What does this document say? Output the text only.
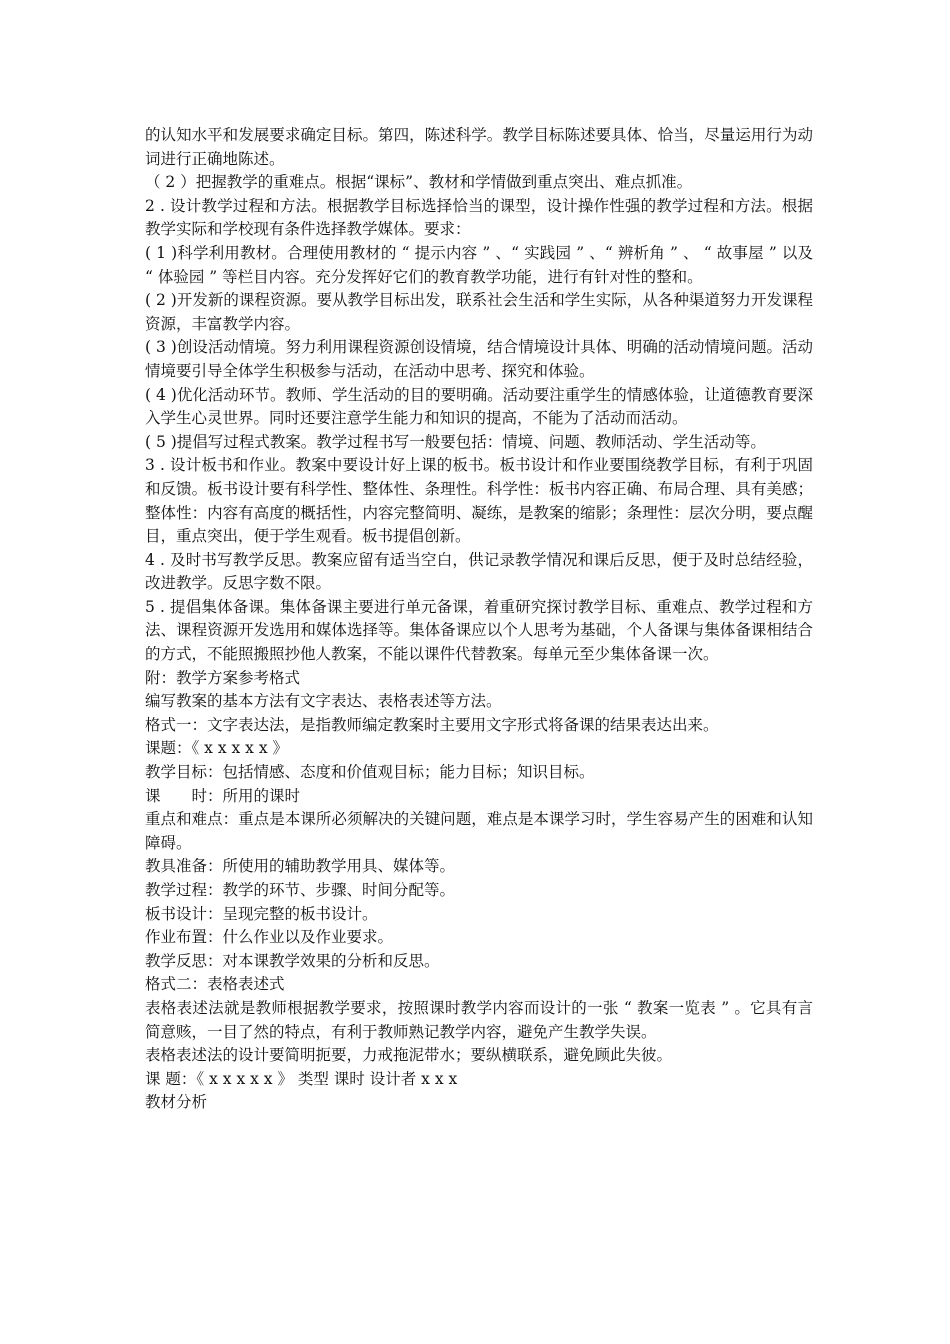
的认知水平和发展要求确定目标。第四，陈述科学。教学目标陈述要具体、恰当，尽量运用行为动词进行正确地陈述。

（ 2 ）把握教学的重难点。根据“课标”、教材和学情做到重点突出、难点抓准。

2 . 设计教学过程和方法。根据教学目标选择恰当的课型，设计操作性强的教学过程和方法。根据教学实际和学校现有条件选择教学媒体。要求：

( 1 )科学利用教材。合理使用教材的 “ 提示内容 ” 、“ 实践园 ” 、“ 辨析角 ” 、 “ 故事屋 ” 以及 “ 体验园 ” 等栏目内容。充分发挥好它们的教育教学功能，进行有针对性的整和。

( 2 )开发新的课程资源。要从教学目标出发，联系社会生活和学生实际，从各种渠道努力开发课程资源，丰富教学内容。

( 3 )创设活动情境。努力利用课程资源创设情境，结合情境设计具体、明确的活动情境问题。活动情境要引导全体学生积极参与活动，在活动中思考、探究和体验。

( 4 )优化活动环节。教师、学生活动的目的要明确。活动要注重学生的情感体验，让道德教育要深入学生心灵世界。同时还要注意学生能力和知识的提高，不能为了活动而活动。

( 5 )提倡写过程式教案。教学过程书写一般要包括：情境、问题、教师活动、学生活动等。

3 . 设计板书和作业。教案中要设计好上课的板书。板书设计和作业要围绕教学目标，有利于巩固和反馈。板书设计要有科学性、整体性、条理性。科学性：板书内容正确、布局合理、具有美感；整体性：内容有高度的概括性，内容完整简明、凝练，是教案的缩影；条理性：层次分明，要点醒目，重点突出，便于学生观看。板书提倡创新。

4 . 及时书写教学反思。教案应留有适当空白，供记录教学情况和课后反思，便于及时总结经验，改进教学。反思字数不限。

5 . 提倡集体备课。集体备课主要进行单元备课，着重研究探讨教学目标、重难点、教学过程和方法、课程资源开发选用和媒体选择等。集体备课应以个人思考为基础，个人备课与集体备课相结合的方式，不能照搬照抄他人教案，不能以课件代替教案。每单元至少集体备课一次。

附：教学方案参考格式

编写教案的基本方法有文字表达、表格表述等方法。

格式一：文字表达法，是指教师编定教案时主要用文字形式将备课的结果表达出来。

课题：《 x x x x x 》

教学目标：包括情感、态度和价值观目标；能力目标；知识目标。

课　　时：所用的课时

重点和难点：重点是本课所必须解决的关键问题，难点是本课学习时，学生容易产生的困难和认知障碍。

教具准备：所使用的辅助教学用具、媒体等。

教学过程：教学的环节、步骤、时间分配等。

板书设计：呈现完整的板书设计。

作业布置：什么作业以及作业要求。

教学反思：对本课教学效果的分析和反思。

格式二：表格表述式

表格表述法就是教师根据教学要求，按照课时教学内容而设计的一张 “ 教案一览表 ” 。它具有言简意赅，一目了然的特点，有利于教师熟记教学内容，避免产生教学失误。

表格表述法的设计要简明扼要，力戒拖泥带水；要纵横联系，避免顾此失彼。

课 题：《 x x x x x 》 类型 课时 设计者 x x x

教材分析
